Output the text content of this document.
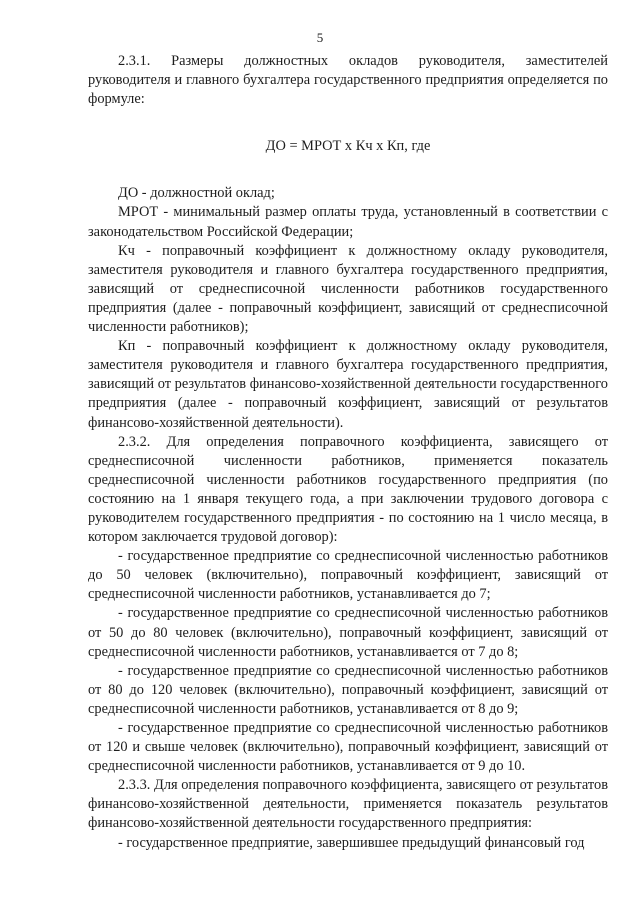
5

2.3.1. Размеры должностных окладов руководителя, заместителей руководителя и главного бухгалтера государственного предприятия определяется по формуле:

ДО = МРОТ х Кч х Кп, где

ДО - должностной оклад;

МРОТ - минимальный размер оплаты труда, установленный в соответствии с законодательством Российской Федерации;

Кч - поправочный коэффициент к должностному окладу руководителя, заместителя руководителя и главного бухгалтера государственного предприятия, зависящий от среднесписочной численности работников государственного предприятия (далее - поправочный коэффициент, зависящий от среднесписочной численности работников);

Кп - поправочный коэффициент к должностному окладу руководителя, заместителя руководителя и главного бухгалтера государственного предприятия, зависящий от результатов финансово-хозяйственной деятельности государственного предприятия (далее - поправочный коэффициент, зависящий от результатов финансово-хозяйственной деятельности).

2.3.2. Для определения поправочного коэффициента, зависящего от среднесписочной численности работников, применяется показатель среднесписочной численности работников государственного предприятия (по состоянию на 1 января текущего года, а при заключении трудового договора с руководителем государственного предприятия - по состоянию на 1 число месяца, в котором заключается трудовой договор):

- государственное предприятие со среднесписочной численностью работников до 50 человек (включительно), поправочный коэффициент, зависящий от среднесписочной численности работников, устанавливается до 7;

- государственное предприятие со среднесписочной численностью работников от 50 до 80 человек (включительно), поправочный коэффициент, зависящий от среднесписочной численности работников, устанавливается от 7 до 8;

- государственное предприятие со среднесписочной численностью работников от 80 до 120 человек (включительно), поправочный коэффициент, зависящий от среднесписочной численности работников, устанавливается от 8 до 9;

- государственное предприятие со среднесписочной численностью работников от 120 и свыше человек (включительно), поправочный коэффициент, зависящий от среднесписочной численности работников, устанавливается от 9 до 10.

2.3.3. Для определения поправочного коэффициента, зависящего от результатов финансово-хозяйственной деятельности, применяется показатель результатов финансово-хозяйственной деятельности государственного предприятия:

- государственное предприятие, завершившее предыдущий финансовый год
